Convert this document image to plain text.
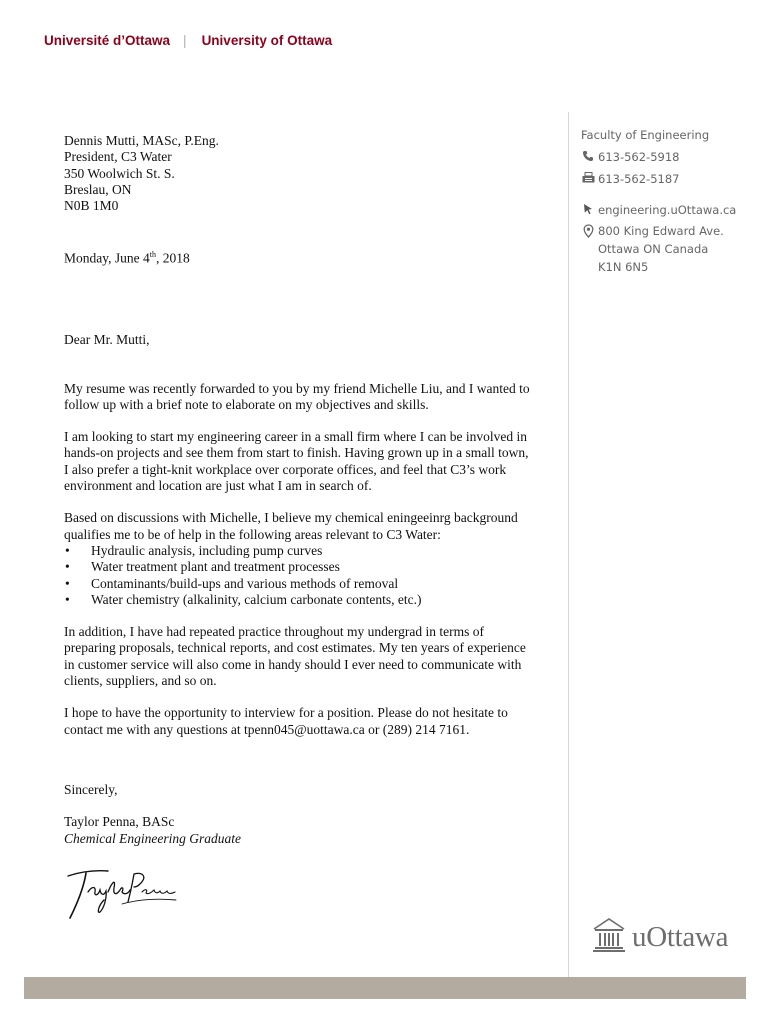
Université d’Ottawa | University of Ottawa
Faculty of Engineering
613-562-5918
613-562-5187
engineering.uOttawa.ca
800 King Edward Ave.
Ottawa ON Canada
K1N 6N5

Dennis Mutti, MASc, P.Eng.

President, C3 Water

350 Woolwich St. S.

Breslau, ON

N0B 1M0

Monday, June 4th, 2018

Dear Mr. Mutti,

My resume was recently forwarded to you by my friend Michelle Liu, and I wanted to follow up with a brief note to elaborate on my objectives and skills.

I am looking to start my engineering career in a small firm where I can be involved in hands-on projects and see them from start to finish. Having grown up in a small town, I also prefer a tight-knit workplace over corporate offices, and feel that C3’s work environment and location are just what I am in search of.

Based on discussions with Michelle, I believe my chemical eningeeinrg background qualifies me to be of help in the following areas relevant to C3 Water:

• Hydraulic analysis, including pump curves
• Water treatment plant and treatment processes
• Contaminants/build-ups and various methods of removal
• Water chemistry (alkalinity, calcium carbonate contents, etc.)

In addition, I have had repeated practice throughout my undergrad in terms of preparing proposals, technical reports, and cost estimates. My ten years of experience in customer service will also come in handy should I ever need to communicate with clients, suppliers, and so on.

I hope to have the opportunity to interview for a position. Please do not hesitate to contact me with any questions at tpenn045@uottawa.ca or (289) 214 7161.

Sincerely,

Taylor Penna, BASc

Chemical Engineering Graduate

uOttawa
